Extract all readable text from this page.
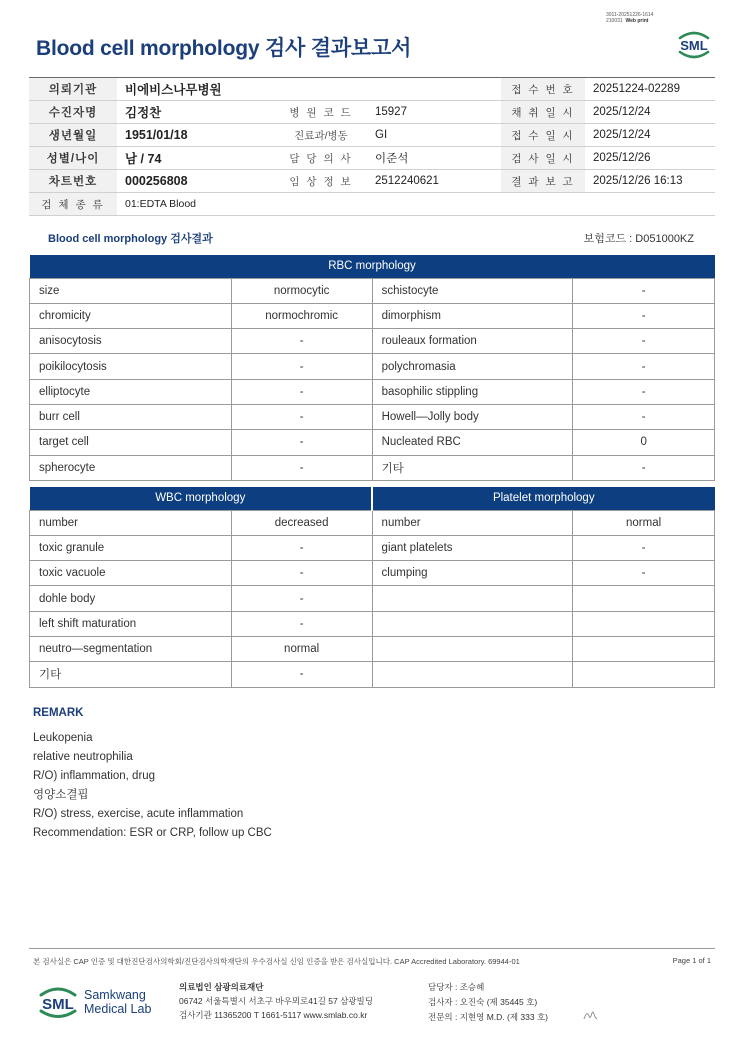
3011-20251226-1614
210031 Web print
Blood cell morphology 검사 결과보고서	SML
의뢰기관	비에비스나무병원			접 수 번 호	20251224-02289
수진자명	김정찬	병 원 코 드	15927	채 취 일 시	2025/12/24
생년월일	1951/01/18	진료과/병동	GI	접 수 일 시	2025/12/24
성별/나이	남 / 74	담 당 의 사	이준석	검 사 일 시	2025/12/26
차트번호	000256808	임 상 정 보	2512240621	결 과 보 고	2025/12/26 16:13
검 체 종 류	01:EDTA Blood				
Blood cell morphology 검사결과	보험코드 : D051000KZ
RBC morphology			
size	normocytic	schistocyte	-
chromicity	normochromic	dimorphism	-
anisocytosis	-	rouleaux formation	-
poikilocytosis	-	polychromasia	-
elliptocyte	-	basophilic stippling	-
burr cell	-	Howell—Jolly body	-
target cell	-	Nucleated RBC	0
spherocyte	-	기타	-
WBC morphology		Platelet morphology	
number	decreased	number	normal
toxic granule	-	giant platelets	-
toxic vacuole	-	clumping	-
dohle body	-		
left shift maturation	-		
neutro—segmentation	normal		
기타	-		
REMARK
Leukopenia
relative neutrophilia
R/O) inflammation, drug
영양소결핍
R/O) stress, exercise, acute inflammation
Recommendation: ESR or CRP, follow up CBC
본 검사실은 CAP 인증 및 대한진단검사의학회/진단검사의학재단의 우수검사실 신임 인증을 받은 검사실입니다. CAP Accredited Laboratory. 69944-01	Page 1 of 1
SML
Samkwang
Medical Lab
의료법인 삼광의료재단
06742 서울특별시 서초구 바우뫼로41길 57 삼광빌딩
검사기관 11365200 T 1661-5117 www.smlab.co.kr
담당자 : 조승혜
검사자 : 오진숙 (제 35445 호)
전문의 : 지현영 M.D. (제 333 호)
